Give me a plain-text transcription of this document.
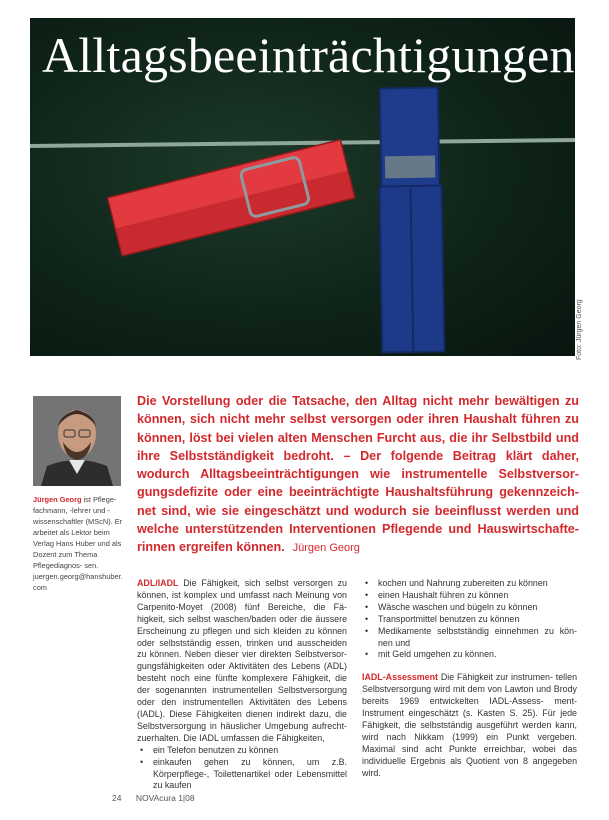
Alltagsbeeinträchtigungen
Foto: Jürgen Georg
Jürgen Georg ist Pflege- fachmann, -lehrer und -wissenschaftler (MScN). Er arbeitet als Lektor beim Verlag Hans Huber und als Dozent zum Thema Pflegediagnos- sen.
juergen.georg@hanshuber. com
Die Vorstellung oder die Tatsache, den Alltag nicht mehr bewältigen zu können, sich nicht mehr selbst versorgen oder ihren Haushalt führen zu können, löst bei vielen alten Menschen Furcht aus, die ihr Selbstbild und ihre Selbstständigkeit bedroht. – Der folgende Beitrag klärt daher, wodurch Alltagsbeeinträchtigungen wie instrumentelle Selbstversor- gungsdefizite oder eine beeinträchtigte Haushaltsführung gekennzeich- net sind, wie sie eingeschätzt und wodurch sie beeinflusst werden und welche unterstützenden Interventionen Pflegende und Hauswirtschafte- rinnen ergreifen können. Jürgen Georg

ADL/IADL Die Fähigkeit, sich selbst versorgen zu können, ist komplex und umfasst nach Meinung von Carpenito-Moyet (2008) fünf Bereiche, die Fä- higkeit, sich selbst waschen/baden oder die äussere Erscheinung zu pflegen und sich kleiden zu können oder selbstständig essen, trinken und ausscheiden zu können. Neben dieser vier direkten Selbstversor- gungsfähigkeiten oder Aktivitäten des Lebens (ADL) besteht noch eine fünfte komplexere Fähigkeit, die der sogenannten instrumentellen Selbstversorgung oder den instrumentellen Aktivitäten des Lebens (IADL). Diese Fähigkeiten dienen indirekt dazu, die Selbstversorgung in häuslicher Umgebung aufrecht- zuerhalten. Die IADL umfassen die Fähigkeiten,

• ein Telefon benutzen zu können
• einkaufen gehen zu können, um z.B. Körperpflege-, Toilettenartikel oder Lebensmittel zu kaufen
• kochen und Nahrung zubereiten zu können
• einen Haushalt führen zu können
• Wäsche waschen und bügeln zu können
• Transportmittel benutzen zu können
• Medikamente selbstständig einnehmen zu kön- nen und
• mit Geld umgehen zu können.

IADL-Assessment Die Fähigkeit zur instrumen- tellen Selbstversorgung wird mit dem von Lawton und Brody bereits 1969 entwickelten IADL-Assess- ment-Instrument eingeschätzt (s. Kasten S. 25). Für jede Fähigkeit, die selbstständig ausgeführt werden kann, wird nach Nikkam (1999) ein Punkt vergeben. Maximal sind acht Punkte erreichbar, wobei das individuelle Ergebnis als Quotient von 8 angegeben wird.

24 NOVAcura 1|08
